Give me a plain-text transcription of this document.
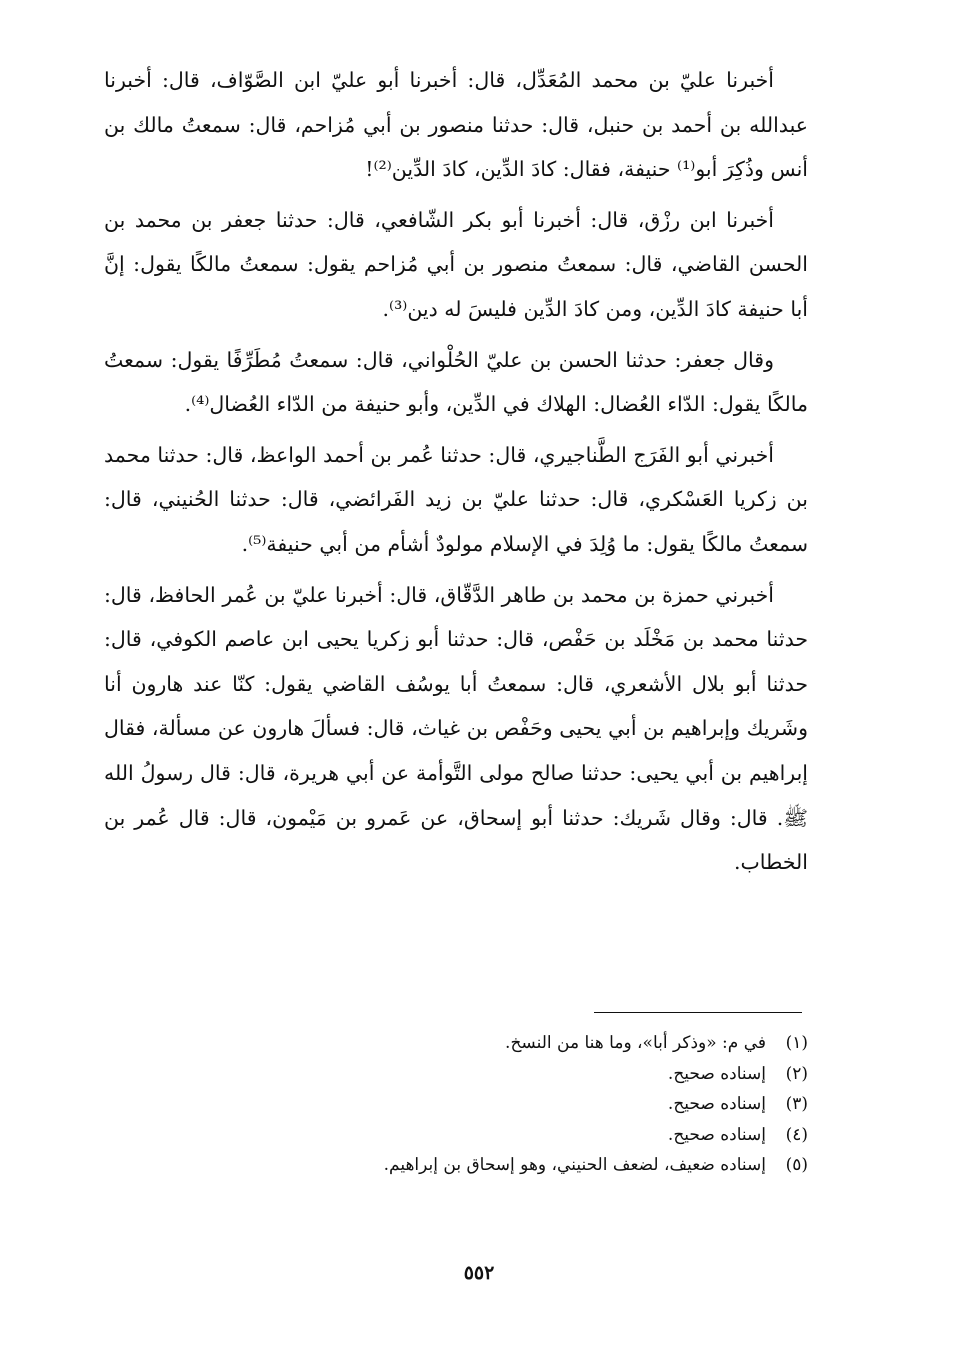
أخبرنا عليّ بن محمد المُعَدِّل، قال: أخبرنا أبو عليّ ابن الصَّوّاف، قال: أخبرنا عبدالله بن أحمد بن حنبل، قال: حدثنا منصور بن أبي مُزاحم، قال: سمعتُ مالك بن أنس وذُكِرَ أبو⁽¹⁾ حنيفة، فقال: كادَ الدِّين، كادَ الدِّين⁽²⁾!

أخبرنا ابن رزْق، قال: أخبرنا أبو بكر الشّافعي، قال: حدثنا جعفر بن محمد بن الحسن القاضي، قال: سمعتُ منصور بن أبي مُزاحم يقول: سمعتُ مالكًا يقول: إنَّ أبا حنيفة كادَ الدِّين، ومن كادَ الدِّين فليسَ له دين⁽³⁾.

وقال جعفر: حدثنا الحسن بن عليّ الحُلْواني، قال: سمعتُ مُطَرِّفًا يقول: سمعتُ مالكًا يقول: الدّاء العُضال: الهلاك في الدِّين، وأبو حنيفة من الدّاء العُضال⁽⁴⁾.

أخبرني أبو الفَرَج الطَّناجيري، قال: حدثنا عُمر بن أحمد الواعظ، قال: حدثنا محمد بن زكريا العَسْكري، قال: حدثنا عليّ بن زيد الفَرائضي، قال: حدثنا الحُنيني، قال: سمعتُ مالكًا يقول: ما وُلِدَ في الإسلام مولودٌ أشأم من أبي حنيفة⁽⁵⁾.

أخبرني حمزة بن محمد بن طاهر الدَّقّاق، قال: أخبرنا عليّ بن عُمر الحافظ، قال: حدثنا محمد بن مَخْلَد بن حَفْص، قال: حدثنا أبو زكريا يحيى ابن عاصم الكوفي، قال: حدثنا أبو بلال الأشعري، قال: سمعتُ أبا يوسُف القاضي يقول: كنّا عند هارون أنا وشَريك وإبراهيم بن أبي يحيى وحَفْص بن غياث، قال: فسألَ هارون عن مسألة، فقال إبراهيم بن أبي يحيى: حدثنا صالح مولى التَّوأمة عن أبي هريرة، قال: قال رسولُ الله ﷺ. قال: وقال شَريك: حدثنا أبو إسحاق، عن عَمرو بن مَيْمون، قال: قال عُمر بن الخطاب.

(١)في م: «وذكر أبا»، وما هنا من النسخ.
(٢)إسناده صحيح.
(٣)إسناده صحيح.
(٤)إسناده صحيح.
(٥)إسناده ضعيف، لضعف الحنيني، وهو إسحاق بن إبراهيم.
٥٥٢
